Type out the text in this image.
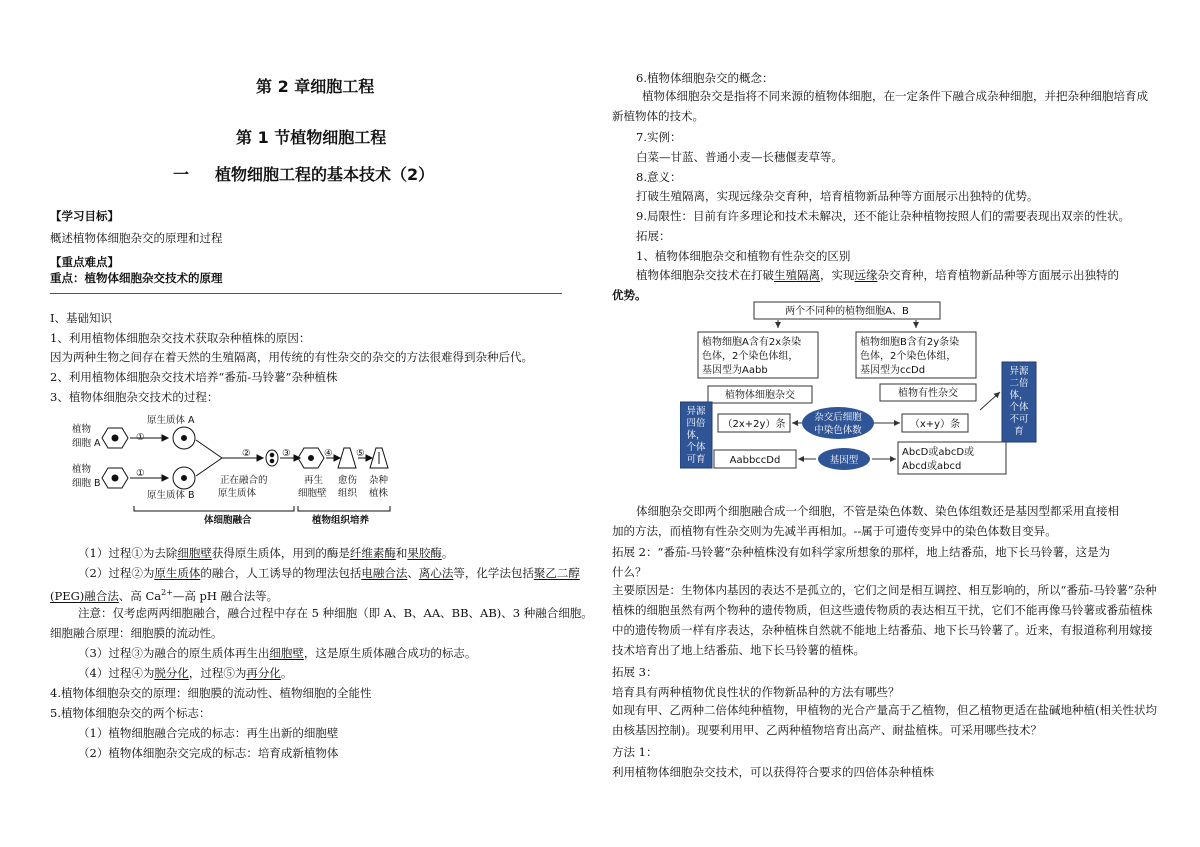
第 2 章细胞工程
第 1 节植物细胞工程
一 植物细胞工程的基本技术（2）
【学习目标】
概述植物体细胞杂交的原理和过程
【重点难点】
重点：植物体细胞杂交技术的原理
Ⅰ、基础知识
1、利用植物体细胞杂交技术获取杂种植株的原因：
因为两种生物之间存在着天然的生殖隔离，用传统的有性杂交的杂交的方法很难得到杂种后代。
2、利用植物体细胞杂交技术培养“番茄-马铃薯”杂种植株
3、植物体细胞杂交技术的过程：
植物
细胞 A
植物
细胞 B
原生质体 A
原生质体 B
①
①
②	③	④ ⑤
正在融合的
原生质体
再生
细胞壁
愈伤
组织
杂种
植株
体细胞融合	植物组织培养
（1）过程①为去除细胞壁获得原生质体，用到的酶是纤维素酶和果胶酶。
（2）过程②为原生质体的融合，人工诱导的物理法包括电融合法、离心法等，化学法包括聚乙二醇
(PEG)融合法、高 $Ca^{2+}—$高 pH 融合法等。
注意：仅考虑两两细胞融合，融合过程中存在 5 种细胞（即 A、B、AA、BB、AB)、3 种融合细胞。
细胞融合原理：细胞膜的流动性。
（3）过程③为融合的原生质体再生出细胞壁，这是原生质体融合成功的标志。
（4）过程④为脱分化，过程⑤为再分化。
4.植物体细胞杂交的原理：细胞膜的流动性、植物细胞的全能性
5.植物体细胞杂交的两个标志：
（1）植物细胞融合完成的标志：再生出新的细胞壁
（2）植物体细胞杂交完成的标志：培育成新植物体
6.植物体细胞杂交的概念：
植物体细胞杂交是指将不同来源的植物体细胞，在一定条件下融合成杂种细胞，并把杂种细胞培育成新植物体的技术。
7.实例：
白菜—甘蓝、普通小麦—长穗偃麦草等。
8.意义：
打破生殖隔离，实现远缘杂交育种，培育植物新品种等方面展示出独特的优势。
9.局限性：目前有许多理论和技术未解决，还不能让杂种植物按照人们的需要表现出双亲的性状。
拓展：
1、植物体细胞杂交和植物有性杂交的区别
植物体细胞杂交技术在打破生殖隔离，实现远缘杂交育种，培育植物新品种等方面展示出独特的
优势。
两个不同种的植物细胞A、B
植物细胞A含有2x条染
色体，2个染色体组，
基因型为Aabb
植物细胞B含有2y条染
色体，2个染色体组，
基因型为ccDd
植物体细胞杂交	植物有性杂交
（2x+2y）条	（x+y）条
AabbccDd
AbcD或abcD或
Abcd或abcd
杂交后细胞
中染色体数
基因型
异源
四倍
体，
个体
可育
异源
二倍
体，
个体
不可
育
体细胞杂交即两个细胞融合成一个细胞，不管是染色体数、染色体组数还是基因型都采用直接相
加的方法，而植物有性杂交则为先减半再相加。--属于可遗传变异中的染色体数目变异。
拓展 2：“番茄-马铃薯”杂种植株没有如科学家所想象的那样，地上结番茄，地下长马铃薯，这是为
什么？
主要原因是：生物体内基因的表达不是孤立的，它们之间是相互调控、相互影响的，所以“番茄-马铃薯”杂种植株的细胞虽然有两个物种的遗传物质，但这些遗传物质的表达相互干扰，它们不能再像马铃薯或番茄植株中的遗传物质一样有序表达，杂种植株自然就不能地上结番茄、地下长马铃薯了。近来，有报道称利用嫁接技术培育出了地上结番茄、地下长马铃薯的植株。
拓展 3：
培育具有两种植物优良性状的作物新品种的方法有哪些？
如现有甲、乙两种二倍体纯种植物，甲植物的光合产量高于乙植物，但乙植物更适在盐碱地种植(相关性状均由核基因控制)。现要利用甲、乙两种植物培育出高产、耐盐植株。可采用哪些技术？
方法 1：
利用植物体细胞杂交技术，可以获得符合要求的四倍体杂种植株
